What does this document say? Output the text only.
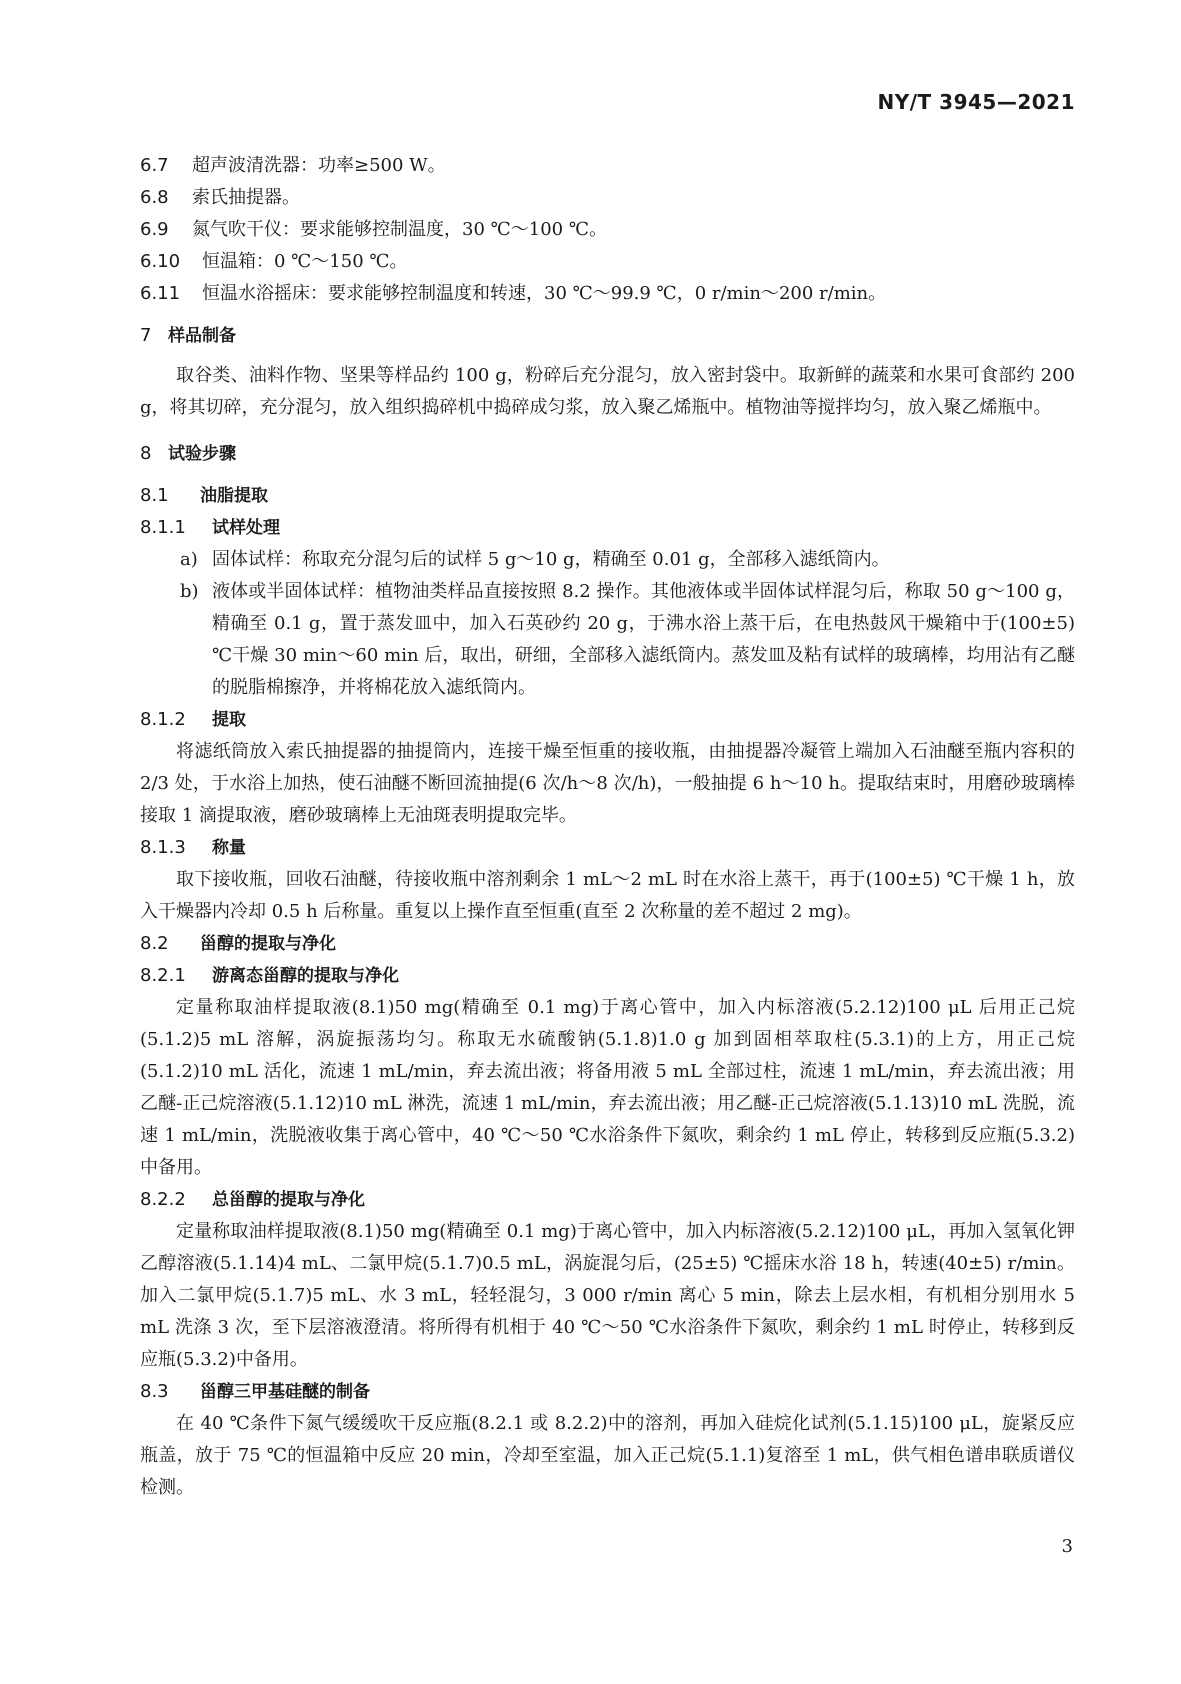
NY/T 3945—2021
6.7 超声波清洗器：功率≥500 W。
6.8 索氏抽提器。
6.9 氮气吹干仪：要求能够控制温度，30 ℃～100 ℃。
6.10 恒温箱：0 ℃～150 ℃。
6.11 恒温水浴摇床：要求能够控制温度和转速，30 ℃～99.9 ℃，0 r/min～200 r/min。
7 样品制备

取谷类、油料作物、坚果等样品约 100 g，粉碎后充分混匀，放入密封袋中。取新鲜的蔬菜和水果可食部约 200 g，将其切碎，充分混匀，放入组织捣碎机中捣碎成匀浆，放入聚乙烯瓶中。植物油等搅拌均匀，放入聚乙烯瓶中。

8 试验步骤
8.1 油脂提取
8.1.1 试样处理

a) 固体试样：称取充分混匀后的试样 5 g～10 g，精确至 0.01 g，全部移入滤纸筒内。

b) 液体或半固体试样：植物油类样品直接按照 8.2 操作。其他液体或半固体试样混匀后，称取 50 g～100 g，精确至 0.1 g，置于蒸发皿中，加入石英砂约 20 g，于沸水浴上蒸干后，在电热鼓风干燥箱中于(100±5) ℃干燥 30 min～60 min 后，取出，研细，全部移入滤纸筒内。蒸发皿及粘有试样的玻璃棒，均用沾有乙醚的脱脂棉擦净，并将棉花放入滤纸筒内。

8.1.2 提取

将滤纸筒放入索氏抽提器的抽提筒内，连接干燥至恒重的接收瓶，由抽提器冷凝管上端加入石油醚至瓶内容积的 2/3 处，于水浴上加热，使石油醚不断回流抽提(6 次/h～8 次/h)，一般抽提 6 h～10 h。提取结束时，用磨砂玻璃棒接取 1 滴提取液，磨砂玻璃棒上无油斑表明提取完毕。

8.1.3 称量

取下接收瓶，回收石油醚，待接收瓶中溶剂剩余 1 mL～2 mL 时在水浴上蒸干，再于(100±5) ℃干燥 1 h，放入干燥器内冷却 0.5 h 后称量。重复以上操作直至恒重(直至 2 次称量的差不超过 2 mg)。

8.2 甾醇的提取与净化
8.2.1 游离态甾醇的提取与净化

定量称取油样提取液(8.1)50 mg(精确至 0.1 mg)于离心管中，加入内标溶液(5.2.12)100 μL 后用正己烷(5.1.2)5 mL 溶解，涡旋振荡均匀。称取无水硫酸钠(5.1.8)1.0 g 加到固相萃取柱(5.3.1)的上方，用正己烷(5.1.2)10 mL 活化，流速 1 mL/min，弃去流出液；将备用液 5 mL 全部过柱，流速 1 mL/min，弃去流出液；用乙醚-正己烷溶液(5.1.12)10 mL 淋洗，流速 1 mL/min，弃去流出液；用乙醚-正己烷溶液(5.1.13)10 mL 洗脱，流速 1 mL/min，洗脱液收集于离心管中，40 ℃～50 ℃水浴条件下氮吹，剩余约 1 mL 停止，转移到反应瓶(5.3.2)中备用。

8.2.2 总甾醇的提取与净化

定量称取油样提取液(8.1)50 mg(精确至 0.1 mg)于离心管中，加入内标溶液(5.2.12)100 μL，再加入氢氧化钾乙醇溶液(5.1.14)4 mL、二氯甲烷(5.1.7)0.5 mL，涡旋混匀后，(25±5) ℃摇床水浴 18 h，转速(40±5) r/min。加入二氯甲烷(5.1.7)5 mL、水 3 mL，轻轻混匀，3 000 r/min 离心 5 min，除去上层水相，有机相分别用水 5 mL 洗涤 3 次，至下层溶液澄清。将所得有机相于 40 ℃～50 ℃水浴条件下氮吹，剩余约 1 mL 时停止，转移到反应瓶(5.3.2)中备用。

8.3 甾醇三甲基硅醚的制备

在 40 ℃条件下氮气缓缓吹干反应瓶(8.2.1 或 8.2.2)中的溶剂，再加入硅烷化试剂(5.1.15)100 μL，旋紧反应瓶盖，放于 75 ℃的恒温箱中反应 20 min，冷却至室温，加入正己烷(5.1.1)复溶至 1 mL，供气相色谱串联质谱仪检测。

3
